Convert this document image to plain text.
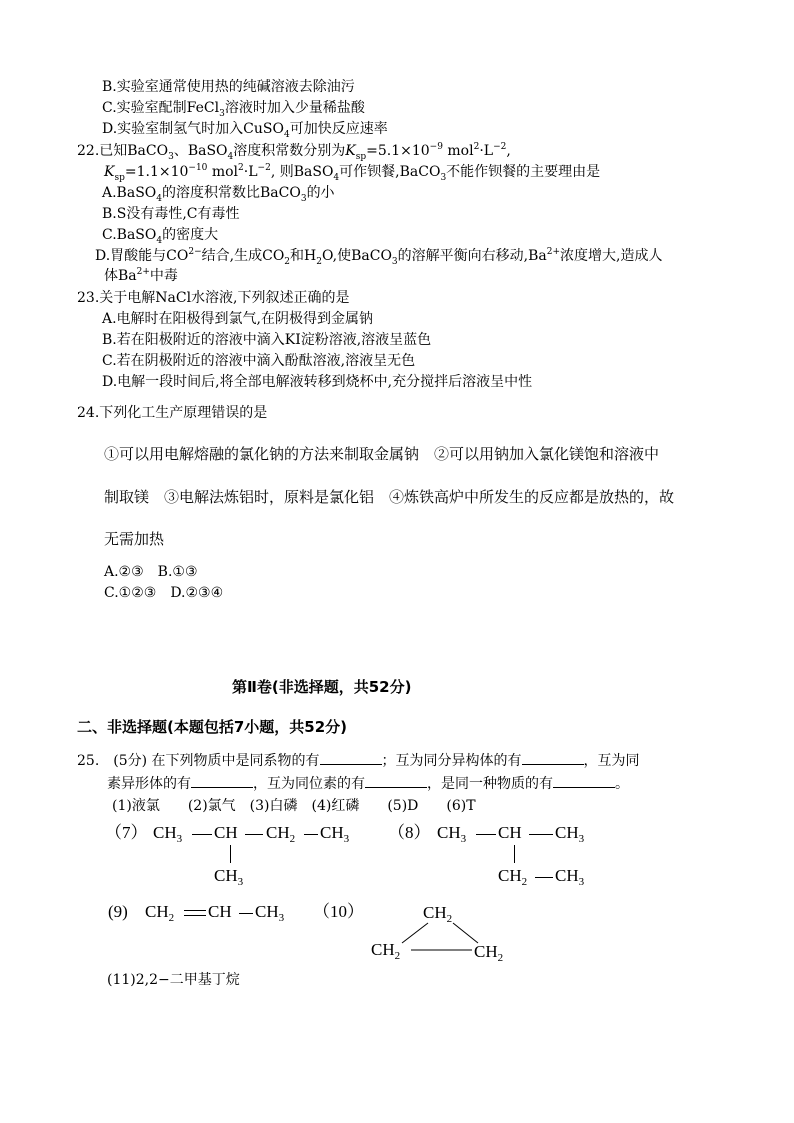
B.实验室通常使用热的纯碱溶液去除油污
C.实验室配制FeCl$_3$溶液时加入少量稀盐酸
D.实验室制氢气时加入CuSO$_4$可加快反应速率
22.已知BaCO$_3$、BaSO$_4$溶度积常数分别为$K_{sp}=5.1\times 10^{-9}$ $mol^2\cdot L^{-2}$,
$K_{sp}=1.1\times 10^{-10}$ $mol^2\cdot L^{-2}$, 则BaSO$_4$可作钡餐,BaCO$_3$不能作钡餐的主要理由是
A.BaSO$_4$的溶度积常数比BaCO$_3$的小
B.S没有毒性,C有毒性
C.BaSO$_4$的密度大
D.胃酸能与$CO^{2-}$结合,生成$CO_2$和$H_2O$,使BaCO$_3$的溶解平衡向右移动$,Ba^{2+}$浓度增大,造成人
体$Ba^{2+}$中毒
23.关于电解NaCl水溶液,下列叙述正确的是
A.电解时在阳极得到氯气,在阴极得到金属钠
B.若在阳极附近的溶液中滴入KI淀粉溶液,溶液呈蓝色
C.若在阴极附近的溶液中滴入酚酞溶液,溶液呈无色
D.电解一段时间后,将全部电解液转移到烧杯中,充分搅拌后溶液呈中性
24.下列化工生产原理错误的是
①可以用电解熔融的氯化钠的方法来制取金属钠　②可以用钠加入氯化镁饱和溶液中
制取镁　③电解法炼铝时，原料是氯化铝　④炼铁高炉中所发生的反应都是放热的，故
无需加热
A.②③　B.①③
C.①②③　D.②③④
第Ⅱ卷(非选择题，共52分)
二、非选择题(本题包括7小题，共52分)
25.　(5分) 在下列物质中是同系物的有	；互为同分异构体的有	，互为同
素异形体的有	，互为同位素的有	，是同一种物质的有	。
(1)液氯　　(2)氯气　(3)白磷　(4)红磷　　(5)D　　(6)T
（7） $CH_3$ CH $CH_2$ $CH_3$
$CH_3$
（8） $CH_3$ CH $CH_3$
$CH_2$ $CH_3$
(9) $CH_2$ CH $CH_3$ （10）	$CH_2$
$CH_2$	$CH_2$
(11)2,2−二甲基丁烷
